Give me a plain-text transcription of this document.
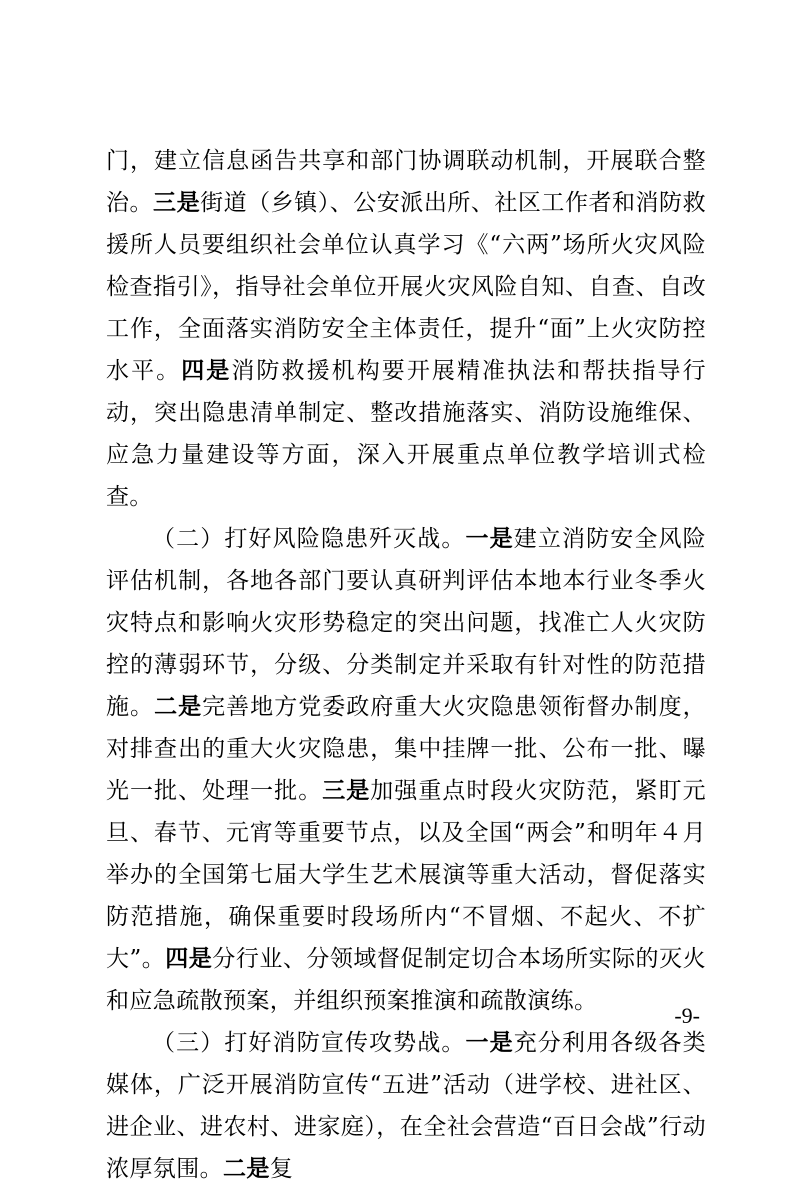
门，建立信息函告共享和部门协调联动机制，开展联合整治。三是街道（乡镇）、公安派出所、社区工作者和消防救援所人员要组织社会单位认真学习《“六两”场所火灾风险检查指引》，指导社会单位开展火灾风险自知、自查、自改工作，全面落实消防安全主体责任，提升“面”上火灾防控水平。四是消防救援机构要开展精准执法和帮扶指导行动，突出隐患清单制定、整改措施落实、消防设施维保、应急力量建设等方面，深入开展重点单位教学培训式检查。

（二）打好风险隐患歼灭战。一是建立消防安全风险评估机制，各地各部门要认真研判评估本地本行业冬季火灾特点和影响火灾形势稳定的突出问题，找准亡人火灾防控的薄弱环节，分级、分类制定并采取有针对性的防范措施。二是完善地方党委政府重大火灾隐患领衔督办制度，对排查出的重大火灾隐患，集中挂牌一批、公布一批、曝光一批、处理一批。三是加强重点时段火灾防范，紧盯元旦、春节、元宵等重要节点，以及全国“两会”和明年４月举办的全国第七届大学生艺术展演等重大活动，督促落实防范措施，确保重要时段场所内“不冒烟、不起火、不扩大”。四是分行业、分领域督促制定切合本场所实际的灭火和应急疏散预案，并组织预案推演和疏散演练。

（三）打好消防宣传攻势战。一是充分利用各级各类媒体，广泛开展消防宣传“五进”活动（进学校、进社区、进企业、进农村、进家庭），在全社会营造“百日会战”行动浓厚氛围。二是复

-9-
